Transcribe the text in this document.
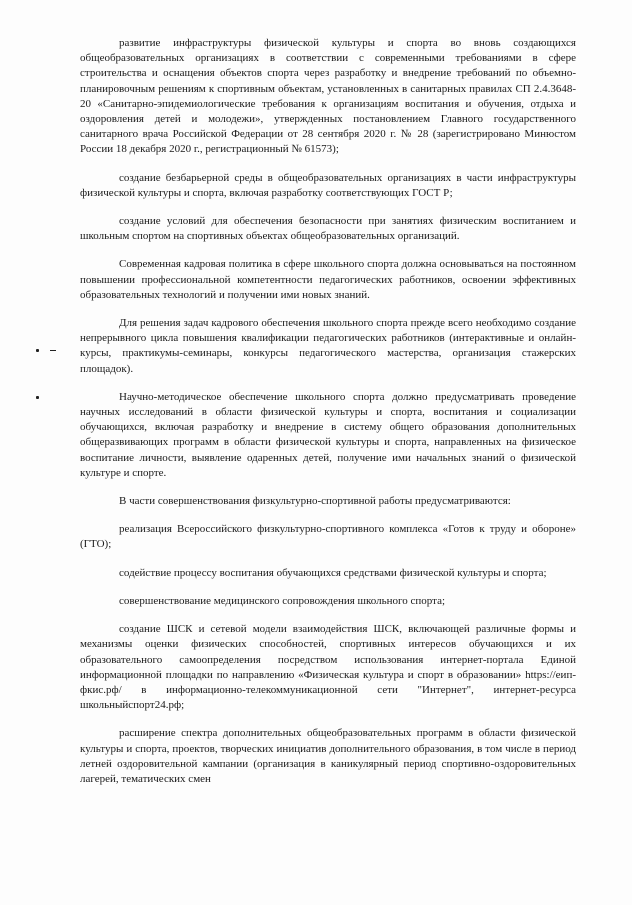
развитие инфраструктуры физической культуры и спорта во вновь создающихся общеобразовательных организациях в соответствии с современными требованиями в сфере строительства и оснащения объектов спорта через разработку и внедрение требований по объемно-планировочным решениям к спортивным объектам, установленных в санитарных правилах СП 2.4.3648-20 «Санитарно-эпидемиологические требования к организациям воспитания и обучения, отдыха и оздоровления детей и молодежи», утвержденных постановлением Главного государственного санитарного врача Российской Федерации от 28 сентября 2020 г. № 28 (зарегистрировано Минюстом России 18 декабря 2020 г., регистрационный № 61573);

создание безбарьерной среды в общеобразовательных организациях в части инфраструктуры физической культуры и спорта, включая разработку соответствующих ГОСТ Р;

создание условий для обеспечения безопасности при занятиях физическим воспитанием и школьным спортом на спортивных объектах общеобразовательных организаций.

Современная кадровая политика в сфере школьного спорта должна основываться на постоянном повышении профессиональной компетентности педагогических работников, освоении эффективных образовательных технологий и получении ими новых знаний.

Для решения задач кадрового обеспечения школьного спорта прежде всего необходимо создание непрерывного цикла повышения квалификации педагогических работников (интерактивные и онлайн-курсы, практикумы-семинары, конкурсы педагогического мастерства, организация стажерских площадок).

Научно-методическое обеспечение школьного спорта должно предусматривать проведение научных исследований в области физической культуры и спорта, воспитания и социализации обучающихся, включая разработку и внедрение в систему общего образования дополнительных общеразвивающих программ в области физической культуры и спорта, направленных на физическое воспитание личности, выявление одаренных детей, получение ими начальных знаний о физической культуре и спорте.

В части совершенствования физкультурно-спортивной работы предусматриваются:

реализация Всероссийского физкультурно-спортивного комплекса «Готов к труду и обороне» (ГТО);

содействие процессу воспитания обучающихся средствами физической культуры и спорта;

совершенствование медицинского сопровождения школьного спорта;

создание ШСК и сетевой модели взаимодействия ШСК, включающей различные формы и механизмы оценки физических способностей, спортивных интересов обучающихся и их образовательного самоопределения посредством использования интернет-портала Единой информационной площадки по направлению «Физическая культура и спорт в образовании» https://еип-фкис.рф/ в информационно-телекоммуникационной сети "Интернет", интернет-ресурса школьныйспорт24.рф;

расширение спектра дополнительных общеобразовательных программ в области физической культуры и спорта, проектов, творческих инициатив дополнительного образования, в том числе в период летней оздоровительной кампании (организация в каникулярный период спортивно-оздоровительных лагерей, тематических смен
